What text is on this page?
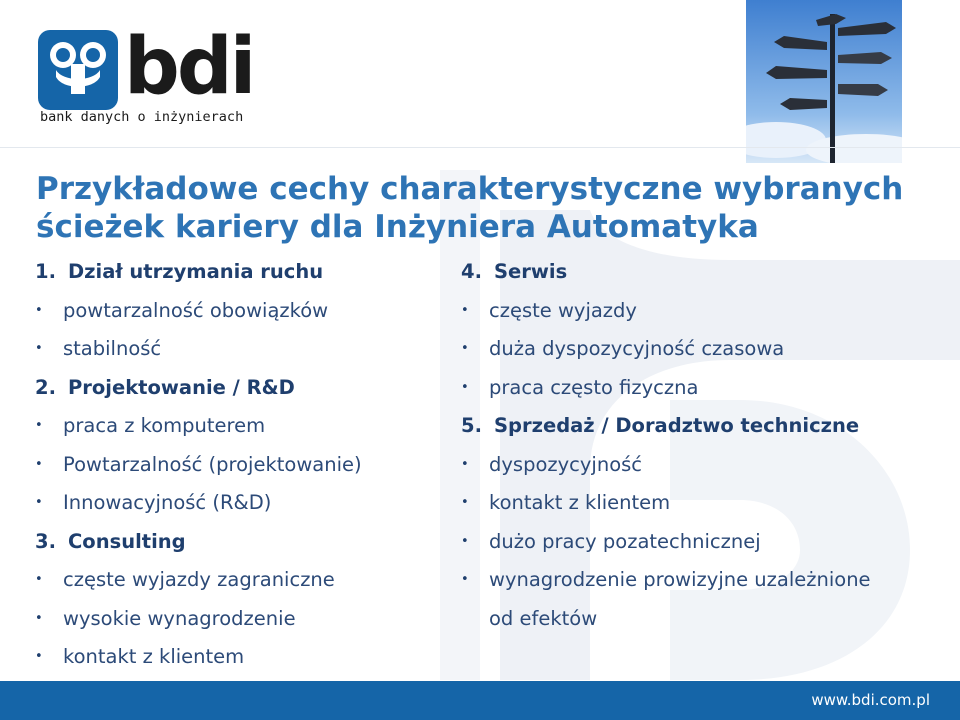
bdi
bank danych o inżynierach
Przykładowe cechy charakterystyczne wybranych ścieżek kariery dla Inżyniera Automatyka
1. Dział utrzymania ruchu
• powtarzalność obowiązków
• stabilność
2. Projektowanie / R&D
• praca z komputerem
• Powtarzalność (projektowanie)
• Innowacyjność (R&D)
3. Consulting
• częste wyjazdy zagraniczne
• wysokie wynagrodzenie
• kontakt z klientem
4. Serwis
• częste wyjazdy
• duża dyspozycyjność czasowa
• praca często fizyczna
5. Sprzedaż / Doradztwo techniczne
• dyspozycyjność
• kontakt z klientem
• dużo pracy pozatechnicznej
• wynagrodzenie prowizyjne uzależnione
od efektów
www.bdi.com.pl
